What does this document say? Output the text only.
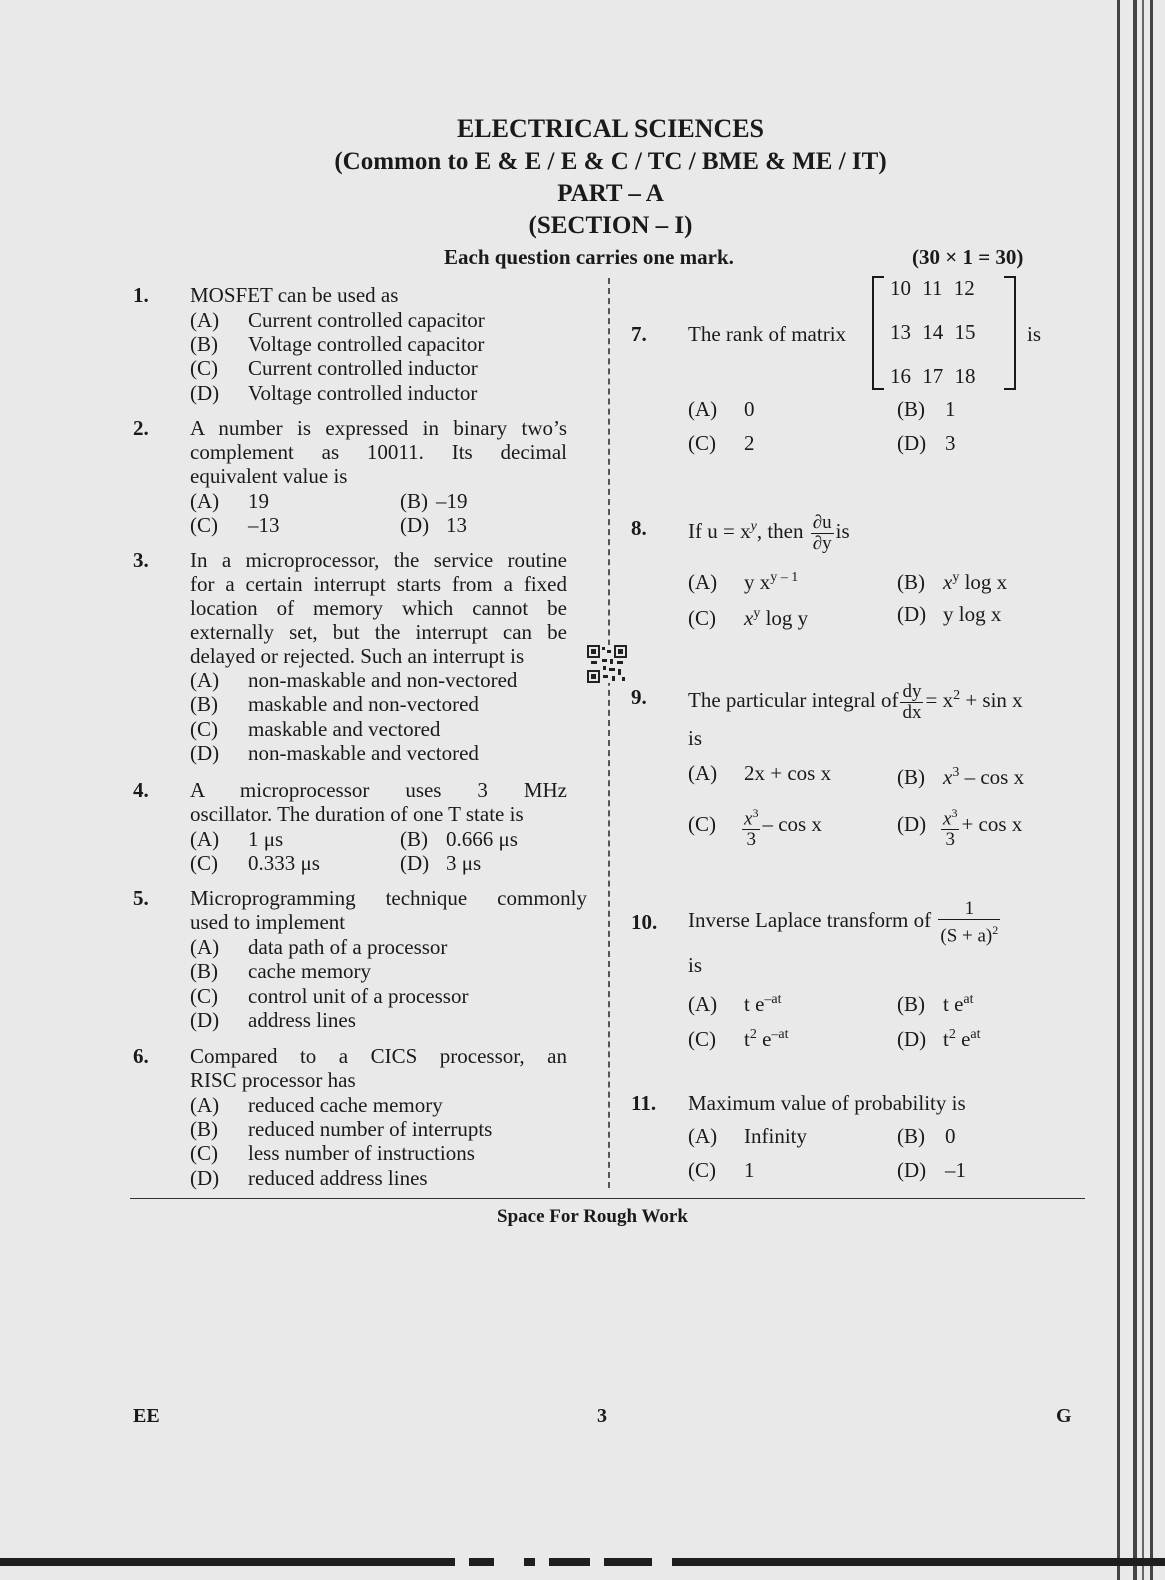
ELECTRICAL SCIENCES
(Common to E & E / E & C / TC / BME & ME / IT)
PART – A
(SECTION – I)
Each question carries one mark.	(30 × 1 = 30)
1. MOSFET can be used as
(A) Current controlled capacitor
(B) Voltage controlled capacitor
(C) Current controlled inductor
(D) Voltage controlled inductor
2. A number is expressed in binary two’s
complement as 10011. Its decimal
equivalent value is
(A) 19	(B) –19
(C) –13	(D) 13
3. In a microprocessor, the service routine
for a certain interrupt starts from a fixed
location of memory which cannot be
externally set, but the interrupt can be
delayed or rejected. Such an interrupt is
(A) non-maskable and non-vectored
(B) maskable and non-vectored
(C) maskable and vectored
(D) non-maskable and vectored
4. A microprocessor uses 3 MHz
oscillator. The duration of one T state is
(A) 1 μs	(B) 0.666 μs
(C) 0.333 μs	(D) 3 μs
5. Microprogramming technique commonly
used to implement
(A) data path of a processor
(B) cache memory
(C) control unit of a processor
(D) address lines
6. Compared to a CICS processor, an
RISC processor has
(A) reduced cache memory
(B) reduced number of interrupts
(C) less number of instructions
(D) reduced address lines
7. The rank of matrix
10 11 12
13 14 15
16 17 18
is
(A) 0	(B) 1
(C) 2	(D) 3
8. If $u = x^y$, then $\frac{\partial u}{\partial y}$ is
(A) y $x^{y - 1}$	(B) $x^y$ log x
(C) $x^y$ log y	(D) y log x
9. The particular integral of $\frac{dy}{dx} = x^2 + \sin x$
is
(A) 2x + cos x	(B) $x^3$ – cos x
$(C) \frac{x^3}{3}$ – cos x	$(D) \frac{x^3}{3} + \cos x$
10. Inverse Laplace transform of $\frac{1}{(S + a)^2}$
is
(A) t $e^{-at}$	(B) t $e^{at}$
(C) $t^2$ $e^{-at}$	(D) $t^2$ $e^{at}$
11. Maximum value of probability is
(A) Infinity	(B) 0
(C) 1	(D) –1
Space For Rough Work
EE	3	G
